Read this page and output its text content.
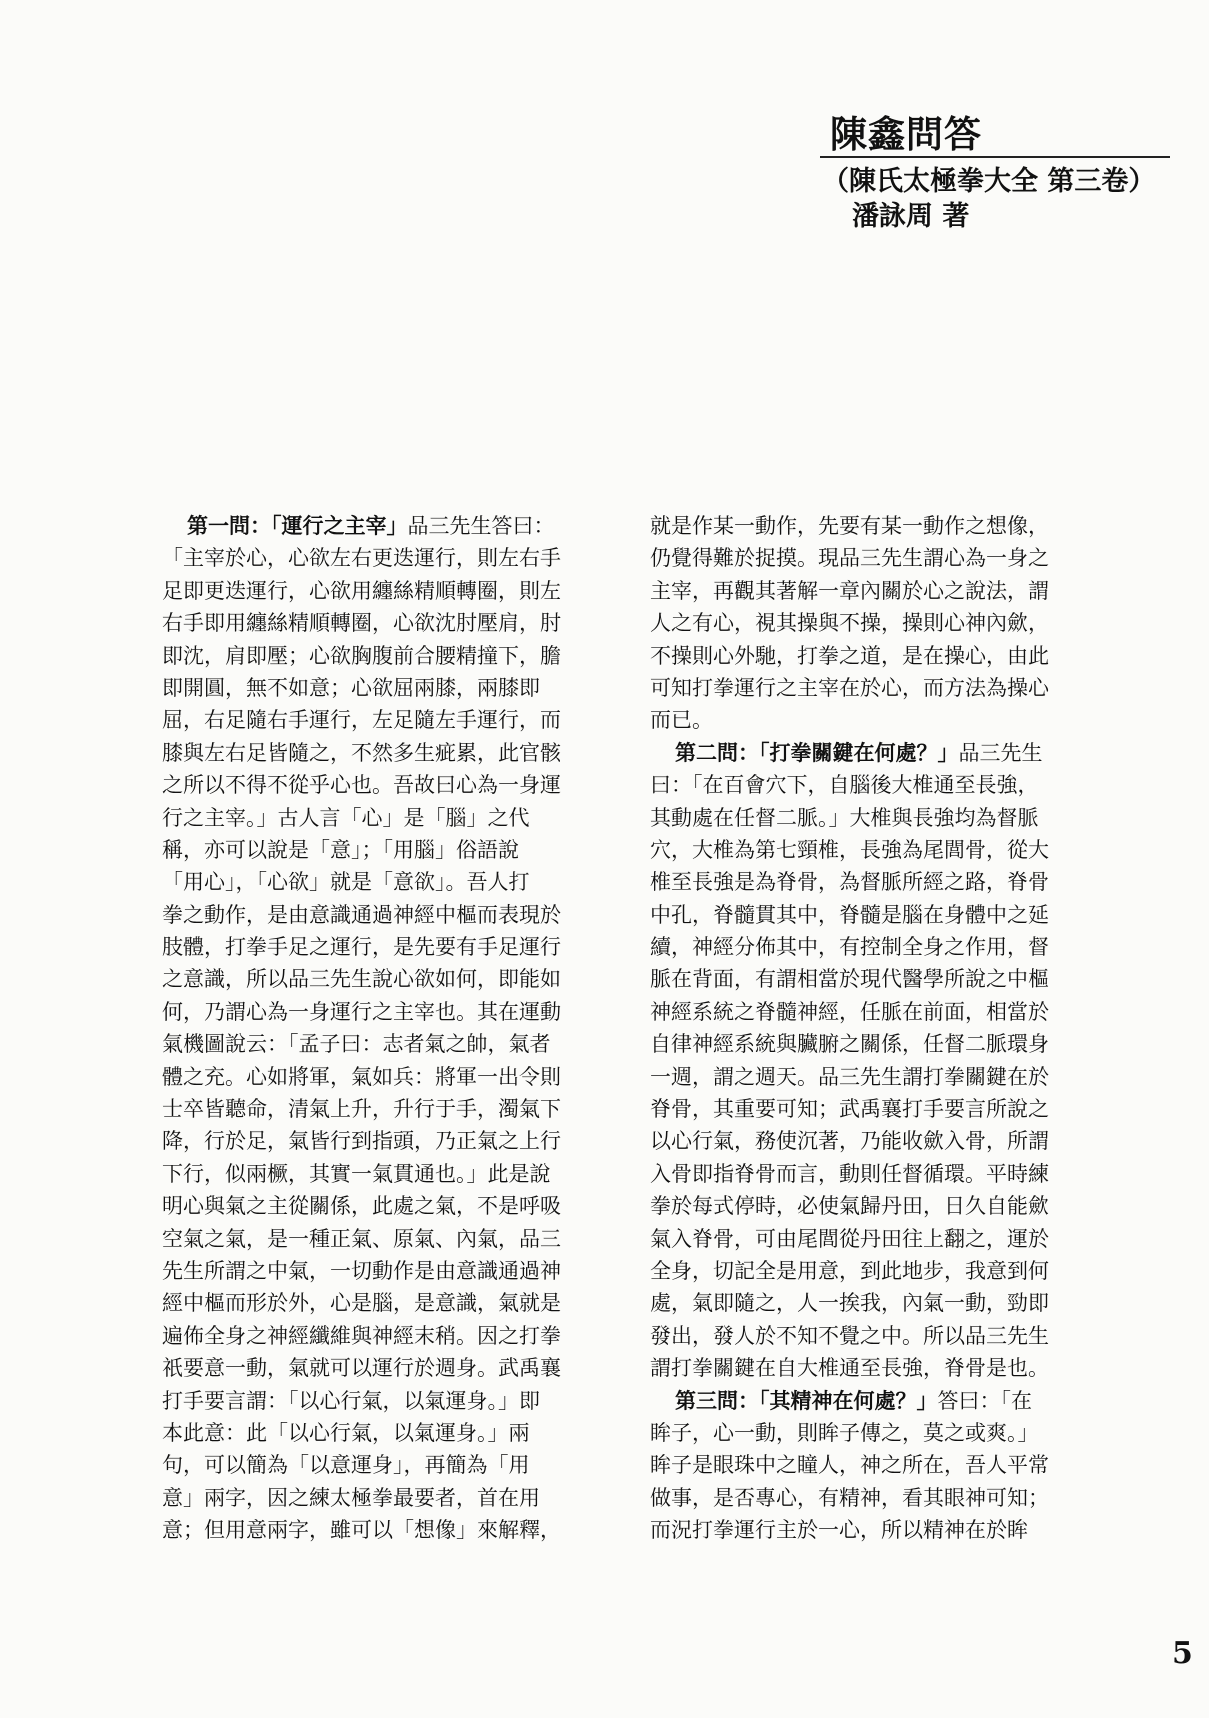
陳鑫問答
（陳氏太極拳大全 第三卷）
潘詠周 著
第一問：「運行之主宰」品三先生答曰：
「主宰於心，心欲左右更迭運行，則左右手
足即更迭運行，心欲用纏絲精順轉圈，則左
右手即用纏絲精順轉圈，心欲沈肘壓肩，肘
即沈，肩即壓；心欲胸腹前合腰精撞下，膽
即開圓，無不如意；心欲屈兩膝，兩膝即
屈，右足隨右手運行，左足隨左手運行，而
膝與左右足皆隨之，不然多生疵累，此官骸
之所以不得不從乎心也。吾故曰心為一身運
行之主宰。」古人言「心」是「腦」之代
稱，亦可以說是「意」；「用腦」俗語說
「用心」，「心欲」就是「意欲」。吾人打
拳之動作，是由意識通過神經中樞而表現於
肢體，打拳手足之運行，是先要有手足運行
之意識，所以品三先生說心欲如何，即能如
何，乃謂心為一身運行之主宰也。其在運動
氣機圖說云：「孟子曰：志者氣之帥，氣者
體之充。心如將軍，氣如兵：將軍一出令則
士卒皆聽命，清氣上升，升行于手，濁氣下
降，行於足，氣皆行到指頭，乃正氣之上行
下行，似兩橛，其實一氣貫通也。」此是說
明心與氣之主從關係，此處之氣，不是呼吸
空氣之氣，是一種正氣、原氣、內氣，品三
先生所謂之中氣，一切動作是由意識通過神
經中樞而形於外，心是腦，是意識，氣就是
遍佈全身之神經纖維與神經末稍。因之打拳
祇要意一動，氣就可以運行於週身。武禹襄
打手要言謂：「以心行氣，以氣運身。」即
本此意：此「以心行氣，以氣運身。」兩
句，可以簡為「以意運身」，再簡為「用
意」兩字，因之練太極拳最要者，首在用
意；但用意兩字，雖可以「想像」來解釋，
就是作某一動作，先要有某一動作之想像，
仍覺得難於捉摸。現品三先生謂心為一身之
主宰，再觀其著解一章內關於心之說法，謂
人之有心，視其操與不操，操則心神內歛，
不操則心外馳，打拳之道，是在操心，由此
可知打拳運行之主宰在於心，而方法為操心
而已。
第二問：「打拳關鍵在何處？」品三先生
曰：「在百會穴下，自腦後大椎通至長強，
其動處在任督二脈。」大椎與長強均為督脈
穴，大椎為第七頸椎，長強為尾閭骨，從大
椎至長強是為脊骨，為督脈所經之路，脊骨
中孔，脊髓貫其中，脊髓是腦在身體中之延
續，神經分佈其中，有控制全身之作用，督
脈在背面，有謂相當於現代醫學所說之中樞
神經系統之脊髓神經，任脈在前面，相當於
自律神經系統與臟腑之關係，任督二脈環身
一週，謂之週天。品三先生謂打拳關鍵在於
脊骨，其重要可知；武禹襄打手要言所說之
以心行氣，務使沉著，乃能收歛入骨，所謂
入骨即指脊骨而言，動則任督循環。平時練
拳於每式停時，必使氣歸丹田，日久自能歛
氣入脊骨，可由尾閭從丹田往上翻之，運於
全身，切記全是用意，到此地步，我意到何
處，氣即隨之，人一挨我，內氣一動，勁即
發出，發人於不知不覺之中。所以品三先生
謂打拳關鍵在自大椎通至長強，脊骨是也。
第三問：「其精神在何處？」答曰：「在
眸子，心一動，則眸子傳之，莫之或爽。」
眸子是眼珠中之瞳人，神之所在，吾人平常
做事，是否專心，有精神，看其眼神可知；
而況打拳運行主於一心，所以精神在於眸
5
